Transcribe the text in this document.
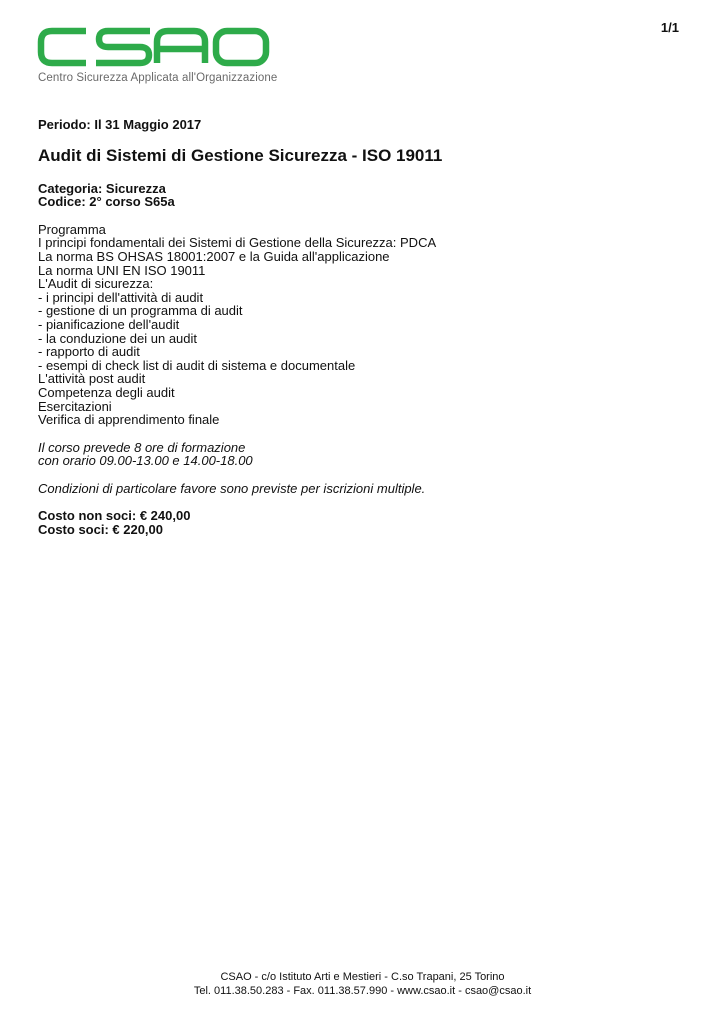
1/1
Centro Sicurezza Applicata all'Organizzazione
Periodo: Il 31 Maggio 2017
Audit di Sistemi di Gestione Sicurezza - ISO 19011
Categoria: Sicurezza
Codice: 2° corso S65a
Programma
I principi fondamentali dei Sistemi di Gestione della Sicurezza: PDCA
La norma BS OHSAS 18001:2007 e la Guida all'applicazione
La norma UNI EN ISO 19011
L'Audit di sicurezza:
- i principi dell'attività di audit
- gestione di un programma di audit
- pianificazione dell'audit
- la conduzione dei un audit
- rapporto di audit
- esempi di check list di audit di sistema e documentale
L'attività post audit
Competenza degli audit
Esercitazioni
Verifica di apprendimento finale
Il corso prevede 8 ore di formazione
con orario 09.00-13.00 e 14.00-18.00
Condizioni di particolare favore sono previste per iscrizioni multiple.
Costo non soci: € 240,00
Costo soci: € 220,00
CSAO - c/o Istituto Arti e Mestieri - C.so Trapani, 25 Torino
Tel. 011.38.50.283 - Fax. 011.38.57.990 - www.csao.it - csao@csao.it
